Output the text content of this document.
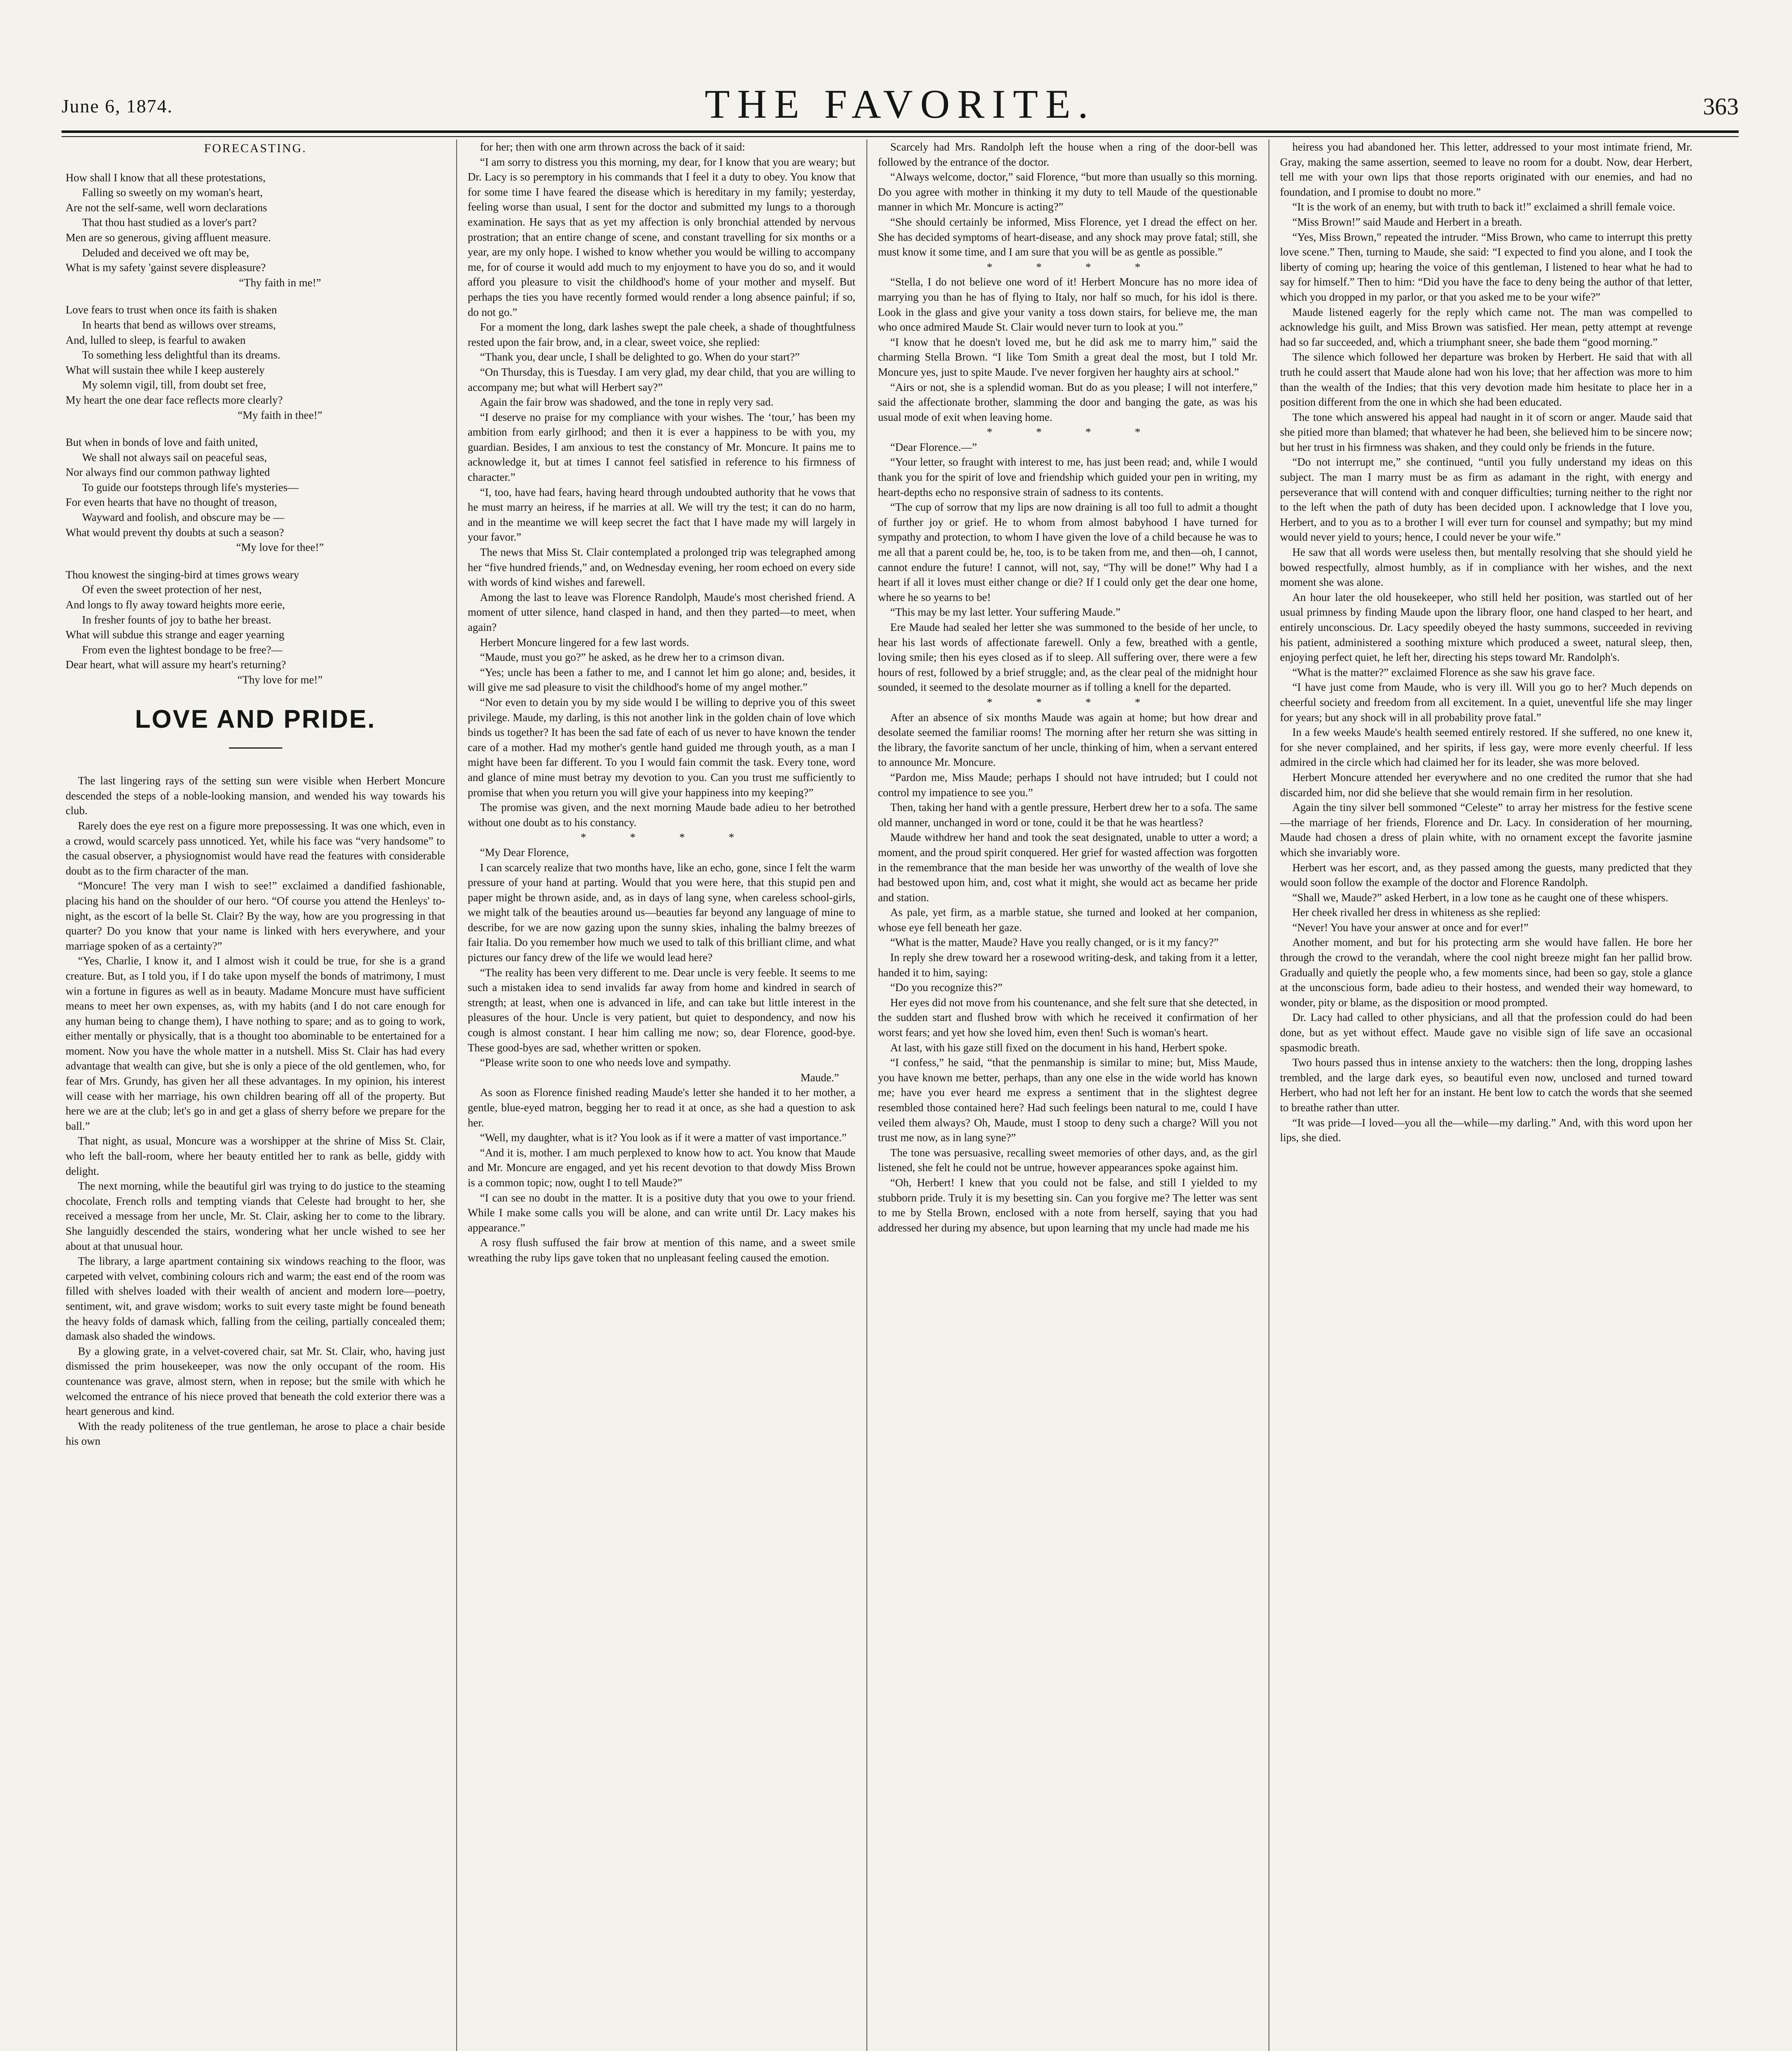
June 6, 1874.	THE FAVORITE.	363
FORECASTING.
How shall I know that all these protestations,
Falling so sweetly on my woman's heart,
Are not the self-same, well worn declarations
That thou hast studied as a lover's part?
Men are so generous, giving affluent measure.
Deluded and deceived we oft may be,
What is my safety 'gainst severe displeasure?
“Thy faith in me!”
Love fears to trust when once its faith is shaken
In hearts that bend as willows over streams,
And, lulled to sleep, is fearful to awaken
To something less delightful than its dreams.
What will sustain thee while I keep austerely
My solemn vigil, till, from doubt set free,
My heart the one dear face reflects more clearly?
“My faith in thee!”
But when in bonds of love and faith united,
We shall not always sail on peaceful seas,
Nor always find our common pathway lighted
To guide our footsteps through life's mysteries—
For even hearts that have no thought of treason,
Wayward and foolish, and obscure may be —
What would prevent thy doubts at such a season?
“My love for thee!”
Thou knowest the singing-bird at times grows weary
Of even the sweet protection of her nest,
And longs to fly away toward heights more eerie,
In fresher founts of joy to bathe her breast.
What will subdue this strange and eager yearning
From even the lightest bondage to be free?—
Dear heart, what will assure my heart's returning?
“Thy love for me!”
LOVE AND PRIDE.

The last lingering rays of the setting sun were visible when Herbert Moncure descended the steps of a noble-looking mansion, and wended his way towards his club.

Rarely does the eye rest on a figure more prepossessing. It was one which, even in a crowd, would scarcely pass unnoticed. Yet, while his face was “very handsome” to the casual observer, a physiognomist would have read the features with considerable doubt as to the firm character of the man.

“Moncure! The very man I wish to see!” exclaimed a dandified fashionable, placing his hand on the shoulder of our hero. “Of course you attend the Henleys' to-night, as the escort of la belle St. Clair? By the way, how are you progressing in that quarter? Do you know that your name is linked with hers everywhere, and your marriage spoken of as a certainty?”

“Yes, Charlie, I know it, and I almost wish it could be true, for she is a grand creature. But, as I told you, if I do take upon myself the bonds of matrimony, I must win a fortune in figures as well as in beauty. Madame Moncure must have sufficient means to meet her own expenses, as, with my habits (and I do not care enough for any human being to change them), I have nothing to spare; and as to going to work, either mentally or physically, that is a thought too abominable to be entertained for a moment. Now you have the whole matter in a nutshell. Miss St. Clair has had every advantage that wealth can give, but she is only a piece of the old gentlemen, who, for fear of Mrs. Grundy, has given her all these advantages. In my opinion, his interest will cease with her marriage, his own children bearing off all of the property. But here we are at the club; let's go in and get a glass of sherry before we prepare for the ball.”

That night, as usual, Moncure was a worshipper at the shrine of Miss St. Clair, who left the ball-room, where her beauty entitled her to rank as belle, giddy with delight.

The next morning, while the beautiful girl was trying to do justice to the steaming chocolate, French rolls and tempting viands that Celeste had brought to her, she received a message from her uncle, Mr. St. Clair, asking her to come to the library. She languidly descended the stairs, wondering what her uncle wished to see her about at that unusual hour.

The library, a large apartment containing six windows reaching to the floor, was carpeted with velvet, combining colours rich and warm; the east end of the room was filled with shelves loaded with their wealth of ancient and modern lore—poetry, sentiment, wit, and grave wisdom; works to suit every taste might be found beneath the heavy folds of damask which, falling from the ceiling, partially concealed them; damask also shaded the windows.

By a glowing grate, in a velvet-covered chair, sat Mr. St. Clair, who, having just dismissed the prim housekeeper, was now the only occupant of the room. His countenance was grave, almost stern, when in repose; but the smile with which he welcomed the entrance of his niece proved that beneath the cold exterior there was a heart generous and kind.

With the ready politeness of the true gentleman, he arose to place a chair beside his own

for her; then with one arm thrown across the back of it said:

“I am sorry to distress you this morning, my dear, for I know that you are weary; but Dr. Lacy is so peremptory in his commands that I feel it a duty to obey. You know that for some time I have feared the disease which is hereditary in my family; yesterday, feeling worse than usual, I sent for the doctor and submitted my lungs to a thorough examination. He says that as yet my affection is only bronchial attended by nervous prostration; that an entire change of scene, and constant travelling for six months or a year, are my only hope. I wished to know whether you would be willing to accompany me, for of course it would add much to my enjoyment to have you do so, and it would afford you pleasure to visit the childhood's home of your mother and myself. But perhaps the ties you have recently formed would render a long absence painful; if so, do not go.”

For a moment the long, dark lashes swept the pale cheek, a shade of thoughtfulness rested upon the fair brow, and, in a clear, sweet voice, she replied:

“Thank you, dear uncle, I shall be delighted to go. When do your start?”

“On Thursday, this is Tuesday. I am very glad, my dear child, that you are willing to accompany me; but what will Herbert say?”

Again the fair brow was shadowed, and the tone in reply very sad.

“I deserve no praise for my compliance with your wishes. The ‘tour,’ has been my ambition from early girlhood; and then it is ever a happiness to be with you, my guardian. Besides, I am anxious to test the constancy of Mr. Moncure. It pains me to acknowledge it, but at times I cannot feel satisfied in reference to his firmness of character.”

“I, too, have had fears, having heard through undoubted authority that he vows that he must marry an heiress, if he marries at all. We will try the test; it can do no harm, and in the meantime we will keep secret the fact that I have made my will largely in your favor.”

The news that Miss St. Clair contemplated a prolonged trip was telegraphed among her “five hundred friends,” and, on Wednesday evening, her room echoed on every side with words of kind wishes and farewell.

Among the last to leave was Florence Randolph, Maude's most cherished friend. A moment of utter silence, hand clasped in hand, and then they parted—to meet, when again?

Herbert Moncure lingered for a few last words.

“Maude, must you go?” he asked, as he drew her to a crimson divan.

“Yes; uncle has been a father to me, and I cannot let him go alone; and, besides, it will give me sad pleasure to visit the childhood's home of my angel mother.”

“Nor even to detain you by my side would I be willing to deprive you of this sweet privilege. Maude, my darling, is this not another link in the golden chain of love which binds us together? It has been the sad fate of each of us never to have known the tender care of a mother. Had my mother's gentle hand guided me through youth, as a man I might have been far different. To you I would fain commit the task. Every tone, word and glance of mine must betray my devotion to you. Can you trust me sufficiently to promise that when you return you will give your happiness into my keeping?”

The promise was given, and the next morning Maude bade adieu to her betrothed without one doubt as to his constancy.

* * * *

“My Dear Florence,

I can scarcely realize that two months have, like an echo, gone, since I felt the warm pressure of your hand at parting. Would that you were here, that this stupid pen and paper might be thrown aside, and, as in days of lang syne, when careless school-girls, we might talk of the beauties around us—beauties far beyond any language of mine to describe, for we are now gazing upon the sunny skies, inhaling the balmy breezes of fair Italia. Do you remember how much we used to talk of this brilliant clime, and what pictures our fancy drew of the life we would lead here?

“The reality has been very different to me. Dear uncle is very feeble. It seems to me such a mistaken idea to send invalids far away from home and kindred in search of strength; at least, when one is advanced in life, and can take but little interest in the pleasures of the hour. Uncle is very patient, but quiet to despondency, and now his cough is almost constant. I hear him calling me now; so, dear Florence, good-bye. These good-byes are sad, whether written or spoken.

“Please write soon to one who needs love and sympathy.

Maude.”

As soon as Florence finished reading Maude's letter she handed it to her mother, a gentle, blue-eyed matron, begging her to read it at once, as she had a question to ask her.

“Well, my daughter, what is it? You look as if it were a matter of vast importance.”

“And it is, mother. I am much perplexed to know how to act. You know that Maude and Mr. Moncure are engaged, and yet his recent devotion to that dowdy Miss Brown is a common topic; now, ought I to tell Maude?”

“I can see no doubt in the matter. It is a positive duty that you owe to your friend. While I make some calls you will be alone, and can write until Dr. Lacy makes his appearance.”

A rosy flush suffused the fair brow at mention of this name, and a sweet smile wreathing the ruby lips gave token that no unpleasant feeling caused the emotion.

Scarcely had Mrs. Randolph left the house when a ring of the door-bell was followed by the entrance of the doctor.

“Always welcome, doctor,” said Florence, “but more than usually so this morning. Do you agree with mother in thinking it my duty to tell Maude of the questionable manner in which Mr. Moncure is acting?”

“She should certainly be informed, Miss Florence, yet I dread the effect on her. She has decided symptoms of heart-disease, and any shock may prove fatal; still, she must know it some time, and I am sure that you will be as gentle as possible.”

* * * *

“Stella, I do not believe one word of it! Herbert Moncure has no more idea of marrying you than he has of flying to Italy, nor half so much, for his idol is there. Look in the glass and give your vanity a toss down stairs, for believe me, the man who once admired Maude St. Clair would never turn to look at you.”

“I know that he doesn't loved me, but he did ask me to marry him,” said the charming Stella Brown. “I like Tom Smith a great deal the most, but I told Mr. Moncure yes, just to spite Maude. I've never forgiven her haughty airs at school.”

“Airs or not, she is a splendid woman. But do as you please; I will not interfere,” said the affectionate brother, slamming the door and banging the gate, as was his usual mode of exit when leaving home.

* * * *

“Dear Florence.—”

“Your letter, so fraught with interest to me, has just been read; and, while I would thank you for the spirit of love and friendship which guided your pen in writing, my heart-depths echo no responsive strain of sadness to its contents.

“The cup of sorrow that my lips are now draining is all too full to admit a thought of further joy or grief. He to whom from almost babyhood I have turned for sympathy and protection, to whom I have given the love of a child because he was to me all that a parent could be, he, too, is to be taken from me, and then—oh, I cannot, cannot endure the future! I cannot, will not, say, “Thy will be done!” Why had I a heart if all it loves must either change or die? If I could only get the dear one home, where he so yearns to be!

“This may be my last letter. Your suffering Maude.”

Ere Maude had sealed her letter she was summoned to the beside of her uncle, to hear his last words of affectionate farewell. Only a few, breathed with a gentle, loving smile; then his eyes closed as if to sleep. All suffering over, there were a few hours of rest, followed by a brief struggle; and, as the clear peal of the midnight hour sounded, it seemed to the desolate mourner as if tolling a knell for the departed.

* * * *

After an absence of six months Maude was again at home; but how drear and desolate seemed the familiar rooms! The morning after her return she was sitting in the library, the favorite sanctum of her uncle, thinking of him, when a servant entered to announce Mr. Moncure.

“Pardon me, Miss Maude; perhaps I should not have intruded; but I could not control my impatience to see you.”

Then, taking her hand with a gentle pressure, Herbert drew her to a sofa. The same old manner, unchanged in word or tone, could it be that he was heartless?

Maude withdrew her hand and took the seat designated, unable to utter a word; a moment, and the proud spirit conquered. Her grief for wasted affection was forgotten in the remembrance that the man beside her was unworthy of the wealth of love she had bestowed upon him, and, cost what it might, she would act as became her pride and station.

As pale, yet firm, as a marble statue, she turned and looked at her companion, whose eye fell beneath her gaze.

“What is the matter, Maude? Have you really changed, or is it my fancy?”

In reply she drew toward her a rosewood writing-desk, and taking from it a letter, handed it to him, saying:

“Do you recognize this?”

Her eyes did not move from his countenance, and she felt sure that she detected, in the sudden start and flushed brow with which he received it confirmation of her worst fears; and yet how she loved him, even then! Such is woman's heart.

At last, with his gaze still fixed on the document in his hand, Herbert spoke.

“I confess,” he said, “that the penmanship is similar to mine; but, Miss Maude, you have known me better, perhaps, than any one else in the wide world has known me; have you ever heard me express a sentiment that in the slightest degree resembled those contained here? Had such feelings been natural to me, could I have veiled them always? Oh, Maude, must I stoop to deny such a charge? Will you not trust me now, as in lang syne?”

The tone was persuasive, recalling sweet memories of other days, and, as the girl listened, she felt he could not be untrue, however appearances spoke against him.

“Oh, Herbert! I knew that you could not be false, and still I yielded to my stubborn pride. Truly it is my besetting sin. Can you forgive me? The letter was sent to me by Stella Brown, enclosed with a note from herself, saying that you had addressed her during my absence, but upon learning that my uncle had made me his

heiress you had abandoned her. This letter, addressed to your most intimate friend, Mr. Gray, making the same assertion, seemed to leave no room for a doubt. Now, dear Herbert, tell me with your own lips that those reports originated with our enemies, and had no foundation, and I promise to doubt no more.”

“It is the work of an enemy, but with truth to back it!” exclaimed a shrill female voice.

“Miss Brown!” said Maude and Herbert in a breath.

“Yes, Miss Brown,” repeated the intruder. “Miss Brown, who came to interrupt this pretty love scene.” Then, turning to Maude, she said: “I expected to find you alone, and I took the liberty of coming up; hearing the voice of this gentleman, I listened to hear what he had to say for himself.” Then to him: “Did you have the face to deny being the author of that letter, which you dropped in my parlor, or that you asked me to be your wife?”

Maude listened eagerly for the reply which came not. The man was compelled to acknowledge his guilt, and Miss Brown was satisfied. Her mean, petty attempt at revenge had so far succeeded, and, which a triumphant sneer, she bade them “good morning.”

The silence which followed her departure was broken by Herbert. He said that with all truth he could assert that Maude alone had won his love; that her affection was more to him than the wealth of the Indies; that this very devotion made him hesitate to place her in a position different from the one in which she had been educated.

The tone which answered his appeal had naught in it of scorn or anger. Maude said that she pitied more than blamed; that whatever he had been, she believed him to be sincere now; but her trust in his firmness was shaken, and they could only be friends in the future.

“Do not interrupt me,” she continued, “until you fully understand my ideas on this subject. The man I marry must be as firm as adamant in the right, with energy and perseverance that will contend with and conquer difficulties; turning neither to the right nor to the left when the path of duty has been decided upon. I acknowledge that I love you, Herbert, and to you as to a brother I will ever turn for counsel and sympathy; but my mind would never yield to yours; hence, I could never be your wife.”

He saw that all words were useless then, but mentally resolving that she should yield he bowed respectfully, almost humbly, as if in compliance with her wishes, and the next moment she was alone.

An hour later the old housekeeper, who still held her position, was startled out of her usual primness by finding Maude upon the library floor, one hand clasped to her heart, and entirely unconscious. Dr. Lacy speedily obeyed the hasty summons, succeeded in reviving his patient, administered a soothing mixture which produced a sweet, natural sleep, then, enjoying perfect quiet, he left her, directing his steps toward Mr. Randolph's.

“What is the matter?” exclaimed Florence as she saw his grave face.

“I have just come from Maude, who is very ill. Will you go to her? Much depends on cheerful society and freedom from all excitement. In a quiet, uneventful life she may linger for years; but any shock will in all probability prove fatal.”

In a few weeks Maude's health seemed entirely restored. If she suffered, no one knew it, for she never complained, and her spirits, if less gay, were more evenly cheerful. If less admired in the circle which had claimed her for its leader, she was more beloved.

Herbert Moncure attended her everywhere and no one credited the rumor that she had discarded him, nor did she believe that she would remain firm in her resolution.

Again the tiny silver bell sommoned “Celeste” to array her mistress for the festive scene—the marriage of her friends, Florence and Dr. Lacy. In consideration of her mourning, Maude had chosen a dress of plain white, with no ornament except the favorite jasmine which she invariably wore.

Herbert was her escort, and, as they passed among the guests, many predicted that they would soon follow the example of the doctor and Florence Randolph.

“Shall we, Maude?” asked Herbert, in a low tone as he caught one of these whispers.

Her cheek rivalled her dress in whiteness as she replied:

“Never! You have your answer at once and for ever!”

Another moment, and but for his protecting arm she would have fallen. He bore her through the crowd to the verandah, where the cool night breeze might fan her pallid brow. Gradually and quietly the people who, a few moments since, had been so gay, stole a glance at the unconscious form, bade adieu to their hostess, and wended their way homeward, to wonder, pity or blame, as the disposition or mood prompted.

Dr. Lacy had called to other physicians, and all that the profession could do had been done, but as yet without effect. Maude gave no visible sign of life save an occasional spasmodic breath.

Two hours passed thus in intense anxiety to the watchers: then the long, dropping lashes trembled, and the large dark eyes, so beautiful even now, unclosed and turned toward Herbert, who had not left her for an instant. He bent low to catch the words that she seemed to breathe rather than utter.

“It was pride—I loved—you all the—while—my darling.” And, with this word upon her lips, she died.
